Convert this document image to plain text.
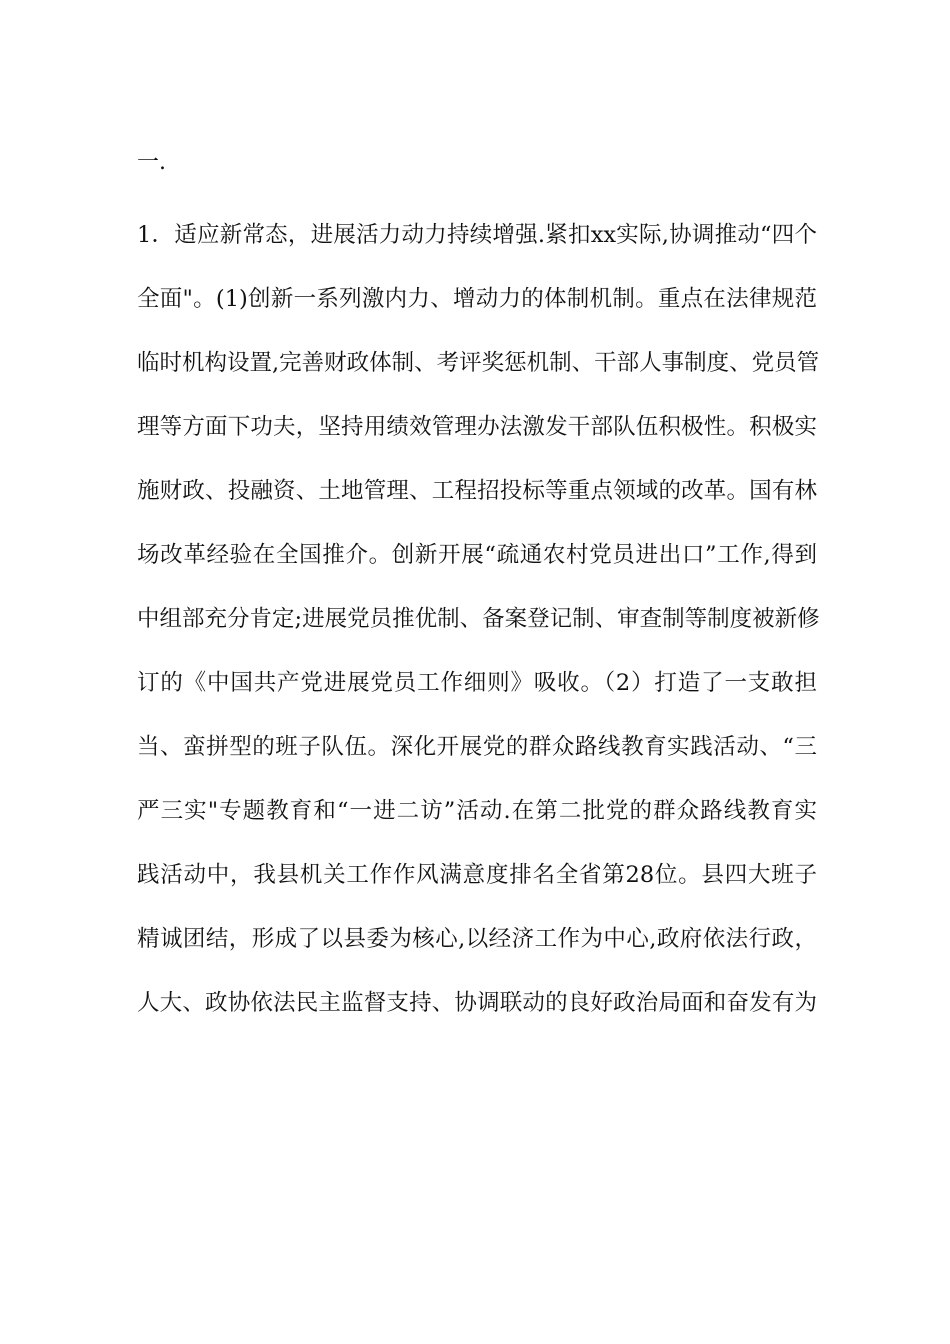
一.
1．适应新常态，进展活力动力持续增强.紧扣xx实际,协调推动“四个
全面"。(1)创新一系列激内力、增动力的体制机制。重点在法律规范
临时机构设置,完善财政体制、考评奖惩机制、干部人事制度、党员管
理等方面下功夫，坚持用绩效管理办法激发干部队伍积极性。积极实
施财政、投融资、土地管理、工程招投标等重点领域的改革。国有林
场改革经验在全国推介。创新开展“疏通农村党员进出口”工作,得到
中组部充分肯定;进展党员推优制、备案登记制、审查制等制度被新修
订的《中国共产党进展党员工作细则》吸收。（2）打造了一支敢担
当、蛮拼型的班子队伍。深化开展党的群众路线教育实践活动、“三
严三实"专题教育和“一进二访”活动.在第二批党的群众路线教育实
践活动中，我县机关工作作风满意度排名全省第28位。县四大班子
精诚团结，形成了以县委为核心,以经济工作为中心,政府依法行政，
人大、政协依法民主监督支持、协调联动的良好政治局面和奋发有为
